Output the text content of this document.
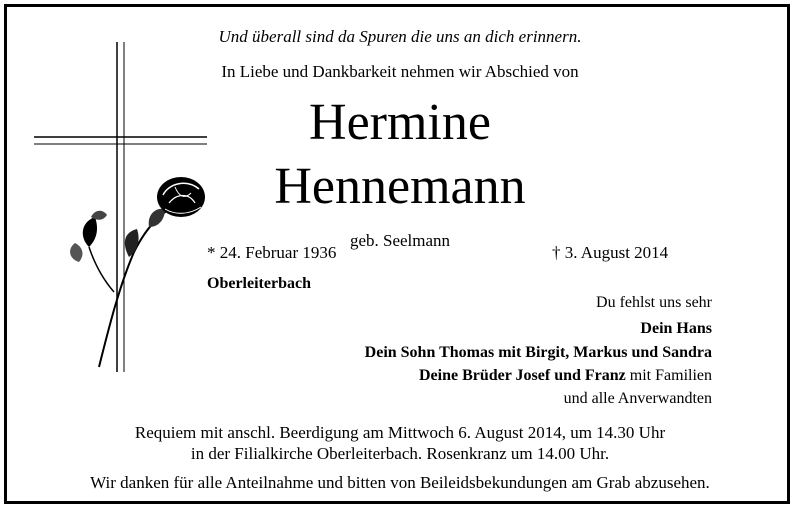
Und überall sind da Spuren die uns an dich erinnern.
In Liebe und Dankbarkeit nehmen wir Abschied von
Hermine
Hennemann
geb. Seelmann
* 24. Februar 1936	† 3. August 2014
Oberleiterbach
Du fehlst uns sehr
Dein Hans
Dein Sohn Thomas mit Birgit, Markus und Sandra
Deine Brüder Josef und Franz mit Familien
und alle Anverwandten
Requiem mit anschl. Beerdigung am Mittwoch 6. August 2014, um 14.30 Uhr
in der Filialkirche Oberleiterbach. Rosenkranz um 14.00 Uhr.
Wir danken für alle Anteilnahme und bitten von Beileidsbekundungen am Grab abzusehen.
